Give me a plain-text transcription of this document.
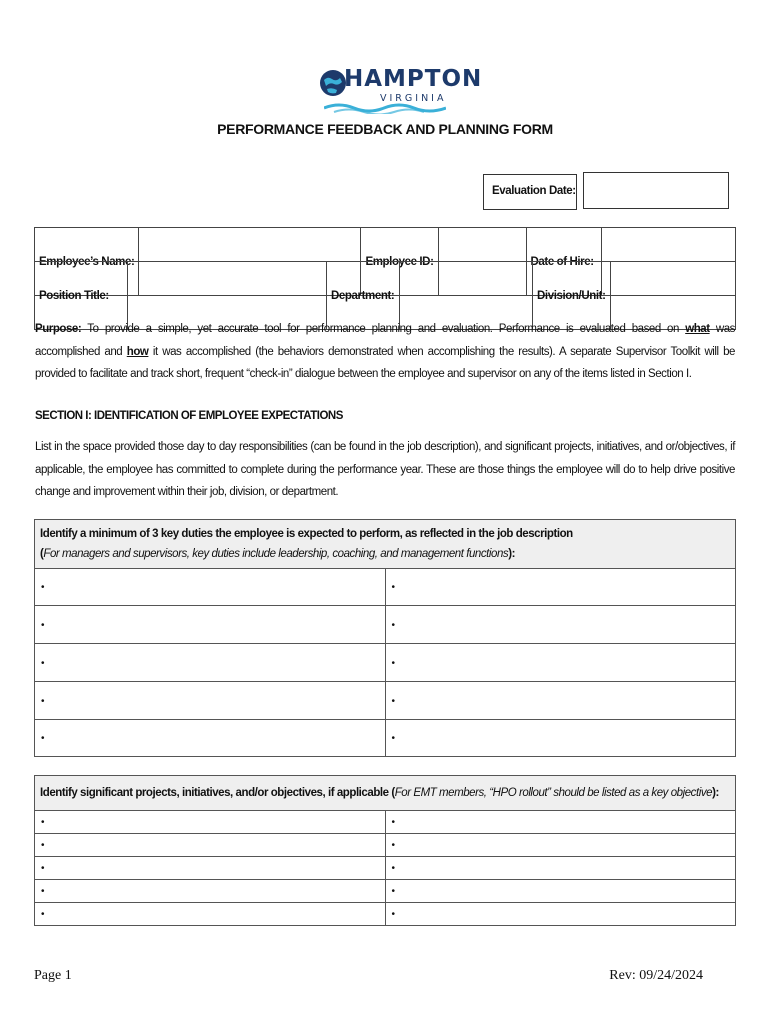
HAMPTON
VIRGINIA
PERFORMANCE FEEDBACK AND PLANNING FORM
Evaluation Date:
Employee’s Name:		Employee ID:		Date of Hire:	
Position Title:		Department:		Division/Unit:	
Purpose: To provide a simple, yet accurate tool for performance planning and evaluation. Performance is evaluated based on what was accomplished and how it was accomplished (the behaviors demonstrated when accomplishing the results). A separate Supervisor Toolkit will be provided to facilitate and track short, frequent “check-in” dialogue between the employee and supervisor on any of the items listed in Section I.
SECTION I: IDENTIFICATION OF EMPLOYEE EXPECTATIONS
List in the space provided those day to day responsibilities (can be found in the job description), and significant projects, initiatives, and or/objectives, if applicable, the employee has committed to complete during the performance year. These are those things the employee will do to help drive positive change and improvement within their job, division, or department.
Identify a minimum of 3 key duties the employee is expected to perform, as reflected in the job description
(For managers and supervisors, key duties include leadership, coaching, and management functions):	
•	•
•	•
•	•
•	•
•	•
Identify significant projects, initiatives, and/or objectives, if applicable (For EMT members, “HPO rollout” should be listed as a key objective):	
•	•
•	•
•	•
•	•
•	•
Page 1	Rev: 09/24/2024
